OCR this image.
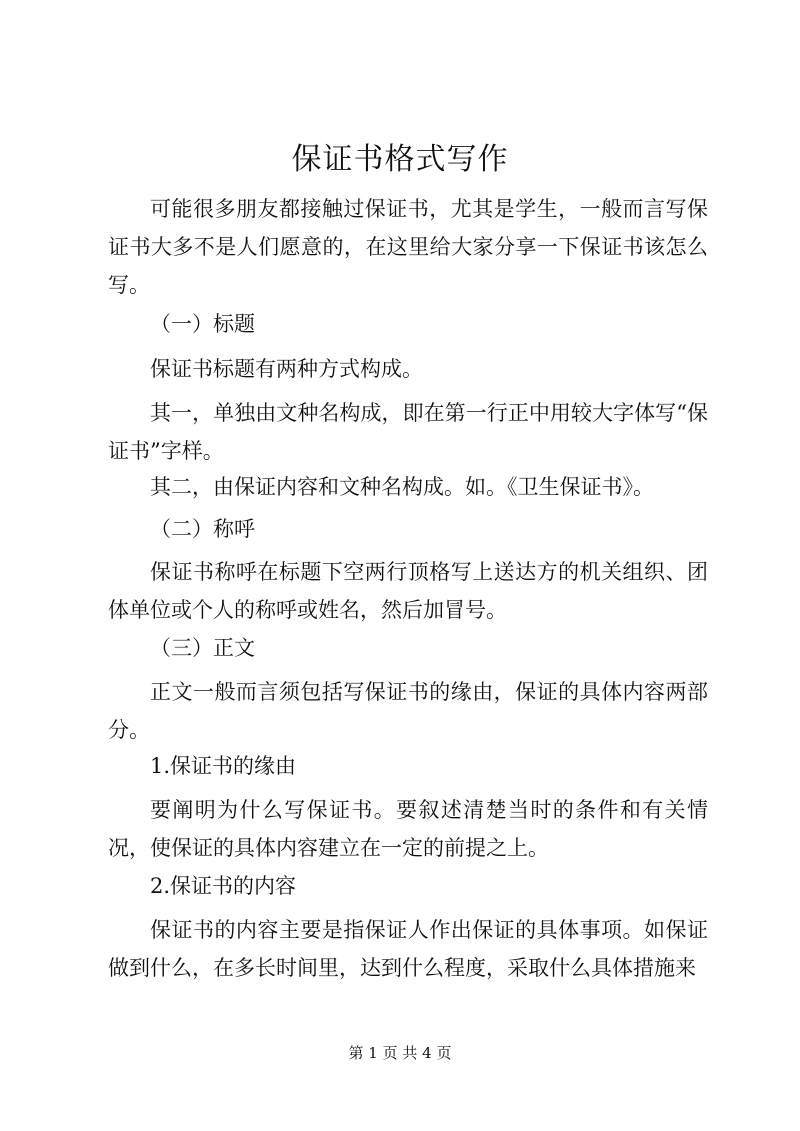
保证书格式写作

可能很多朋友都接触过保证书，尤其是学生，一般而言写保证书大多不是人们愿意的，在这里给大家分享一下保证书该怎么写。

（一）标题

保证书标题有两种方式构成。

其一，单独由文种名构成，即在第一行正中用较大字体写“保证书”字样。

其二，由保证内容和文种名构成。如。《卫生保证书》。

（二）称呼

保证书称呼在标题下空两行顶格写上送达方的机关组织、团体单位或个人的称呼或姓名，然后加冒号。

（三）正文

正文一般而言须包括写保证书的缘由，保证的具体内容两部分。

1.保证书的缘由

要阐明为什么写保证书。要叙述清楚当时的条件和有关情况，使保证的具体内容建立在一定的前提之上。

2.保证书的内容

保证书的内容主要是指保证人作出保证的具体事项。如保证做到什么，在多长时间里，达到什么程度，采取什么具体措施来

第 1 页 共 4 页
